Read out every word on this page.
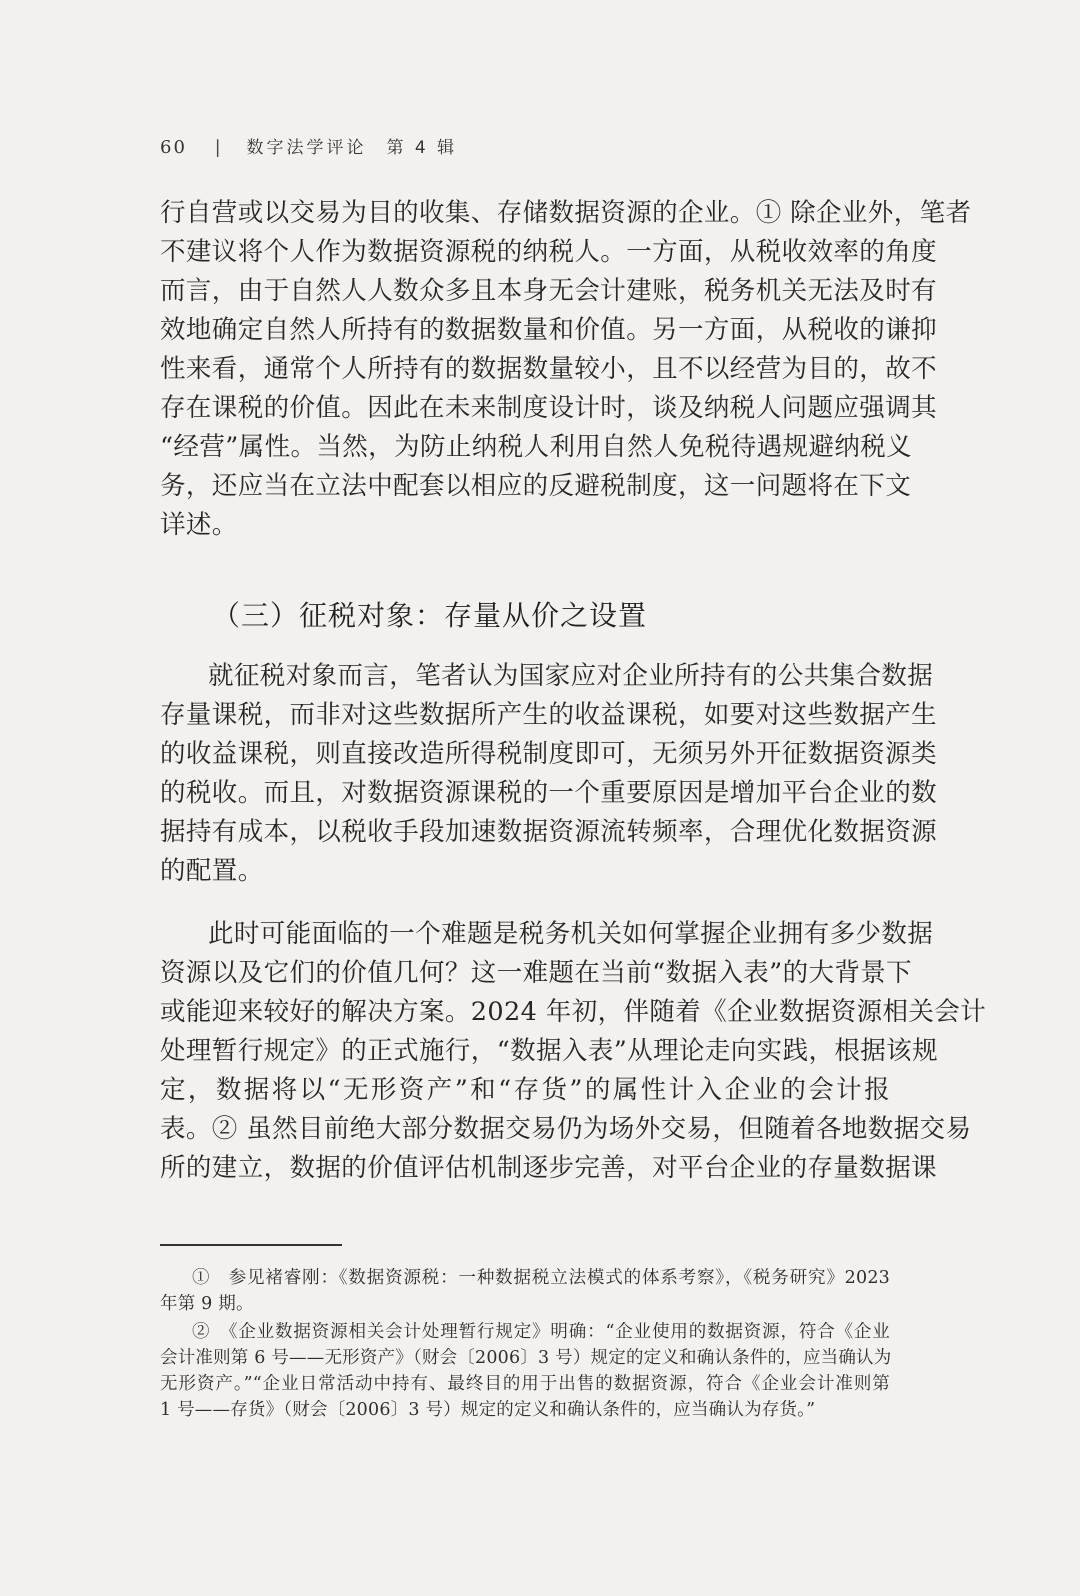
60 | 数字法学评论　第 4 辑
行自营或以交易为目的收集、存储数据资源的企业。① 除企业外，笔者
不建议将个人作为数据资源税的纳税人。一方面，从税收效率的角度
而言，由于自然人人数众多且本身无会计建账，税务机关无法及时有
效地确定自然人所持有的数据数量和价值。另一方面，从税收的谦抑
性来看，通常个人所持有的数据数量较小，且不以经营为目的，故不
存在课税的价值。因此在未来制度设计时，谈及纳税人问题应强调其
“经营”属性。当然，为防止纳税人利用自然人免税待遇规避纳税义
务，还应当在立法中配套以相应的反避税制度，这一问题将在下文
详述。
（三）征税对象：存量从价之设置
就征税对象而言，笔者认为国家应对企业所持有的公共集合数据
存量课税，而非对这些数据所产生的收益课税，如要对这些数据产生
的收益课税，则直接改造所得税制度即可，无须另外开征数据资源类
的税收。而且，对数据资源课税的一个重要原因是增加平台企业的数
据持有成本，以税收手段加速数据资源流转频率，合理优化数据资源
的配置。
此时可能面临的一个难题是税务机关如何掌握企业拥有多少数据
资源以及它们的价值几何？这一难题在当前“数据入表”的大背景下
或能迎来较好的解决方案。2024 年初，伴随着《企业数据资源相关会计
处理暂行规定》的正式施行，“数据入表”从理论走向实践，根据该规
定，数据将以“无形资产”和“存货”的属性计入企业的会计报
表。② 虽然目前绝大部分数据交易仍为场外交易，但随着各地数据交易
所的建立，数据的价值评估机制逐步完善，对平台企业的存量数据课
①　参见褚睿刚：《数据资源税：一种数据税立法模式的体系考察》，《税务研究》2023
年第 9 期。
②　《企业数据资源相关会计处理暂行规定》明确：“企业使用的数据资源，符合《企业
会计准则第 6 号——无形资产》（财会〔2006〕3 号）规定的定义和确认条件的，应当确认为
无形资产。”“企业日常活动中持有、最终目的用于出售的数据资源，符合《企业会计准则第
1 号——存货》（财会〔2006〕3 号）规定的定义和确认条件的，应当确认为存货。”
